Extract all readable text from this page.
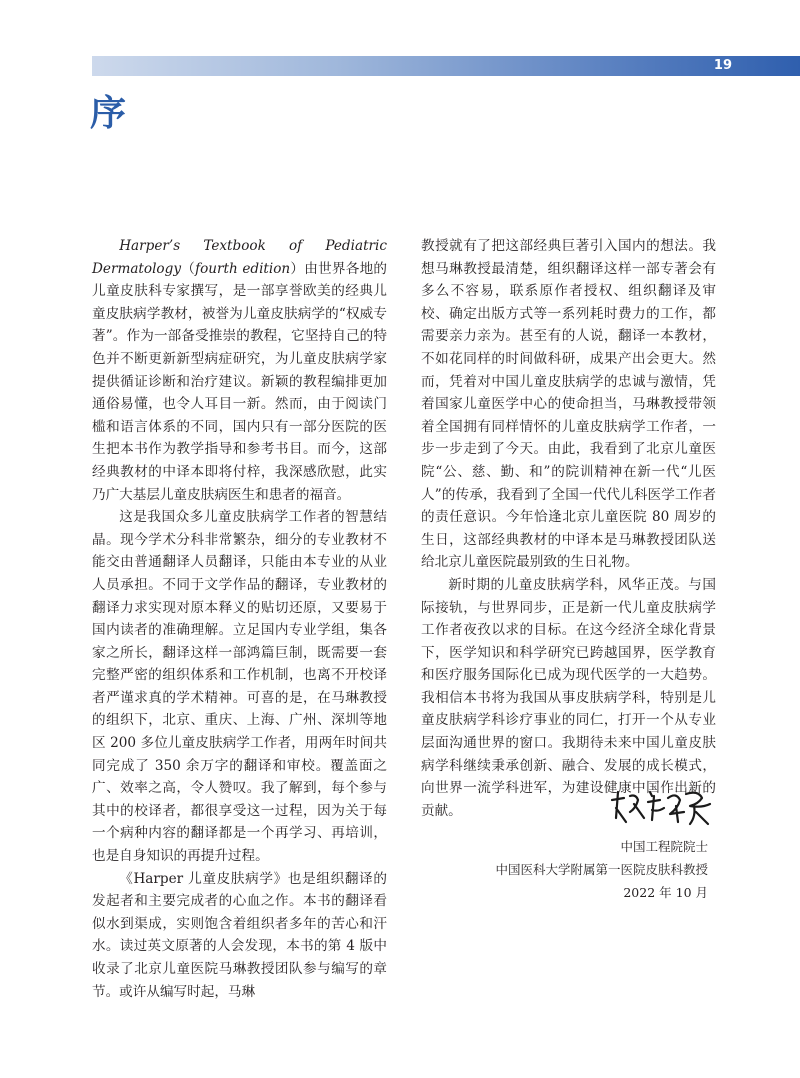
19
序

Harper’s Textbook of Pediatric Dermatology（fourth edition）由世界各地的儿童皮肤科专家撰写，是一部享誉欧美的经典儿童皮肤病学教材，被誉为儿童皮肤病学的“权威专著”。作为一部备受推崇的教程，它坚持自己的特色并不断更新新型病症研究，为儿童皮肤病学家提供循证诊断和治疗建议。新颖的教程编排更加通俗易懂，也令人耳目一新。然而，由于阅读门槛和语言体系的不同，国内只有一部分医院的医生把本书作为教学指导和参考书目。而今，这部经典教材的中译本即将付梓，我深感欣慰，此实乃广大基层儿童皮肤病医生和患者的福音。

这是我国众多儿童皮肤病学工作者的智慧结晶。现今学术分科非常繁杂，细分的专业教材不能交由普通翻译人员翻译，只能由本专业的从业人员承担。不同于文学作品的翻译，专业教材的翻译力求实现对原本释义的贴切还原，又要易于国内读者的准确理解。立足国内专业学组，集各家之所长，翻译这样一部鸿篇巨制，既需要一套完整严密的组织体系和工作机制，也离不开校译者严谨求真的学术精神。可喜的是，在马琳教授的组织下，北京、重庆、上海、广州、深圳等地区 200 多位儿童皮肤病学工作者，用两年时间共同完成了 350 余万字的翻译和审校。覆盖面之广、效率之高，令人赞叹。我了解到，每个参与其中的校译者，都很享受这一过程，因为关于每一个病种内容的翻译都是一个再学习、再培训，也是自身知识的再提升过程。

《Harper 儿童皮肤病学》也是组织翻译的发起者和主要完成者的心血之作。本书的翻译看似水到渠成，实则饱含着组织者多年的苦心和汗水。读过英文原著的人会发现，本书的第 4 版中收录了北京儿童医院马琳教授团队参与编写的章节。或许从编写时起，马琳

教授就有了把这部经典巨著引入国内的想法。我想马琳教授最清楚，组织翻译这样一部专著会有多么不容易，联系原作者授权、组织翻译及审校、确定出版方式等一系列耗时费力的工作，都需要亲力亲为。甚至有的人说，翻译一本教材，不如花同样的时间做科研，成果产出会更大。然而，凭着对中国儿童皮肤病学的忠诚与激情，凭着国家儿童医学中心的使命担当，马琳教授带领着全国拥有同样情怀的儿童皮肤病学工作者，一步一步走到了今天。由此，我看到了北京儿童医院“公、慈、勤、和”的院训精神在新一代“儿医人”的传承，我看到了全国一代代儿科医学工作者的责任意识。今年恰逢北京儿童医院 80 周岁的生日，这部经典教材的中译本是马琳教授团队送给北京儿童医院最别致的生日礼物。

新时期的儿童皮肤病学科，风华正茂。与国际接轨，与世界同步，正是新一代儿童皮肤病学工作者夜孜以求的目标。在这今经济全球化背景下，医学知识和科学研究已跨越国界，医学教育和医疗服务国际化已成为现代医学的一大趋势。我相信本书将为我国从事皮肤病学科，特别是儿童皮肤病学科诊疗事业的同仁，打开一个从专业层面沟通世界的窗口。我期待未来中国儿童皮肤病学科继续秉承创新、融合、发展的成长模式，向世界一流学科进军，为建设健康中国作出新的贡献。

中国工程院院士
中国医科大学附属第一医院皮肤科教授
2022 年 10 月
